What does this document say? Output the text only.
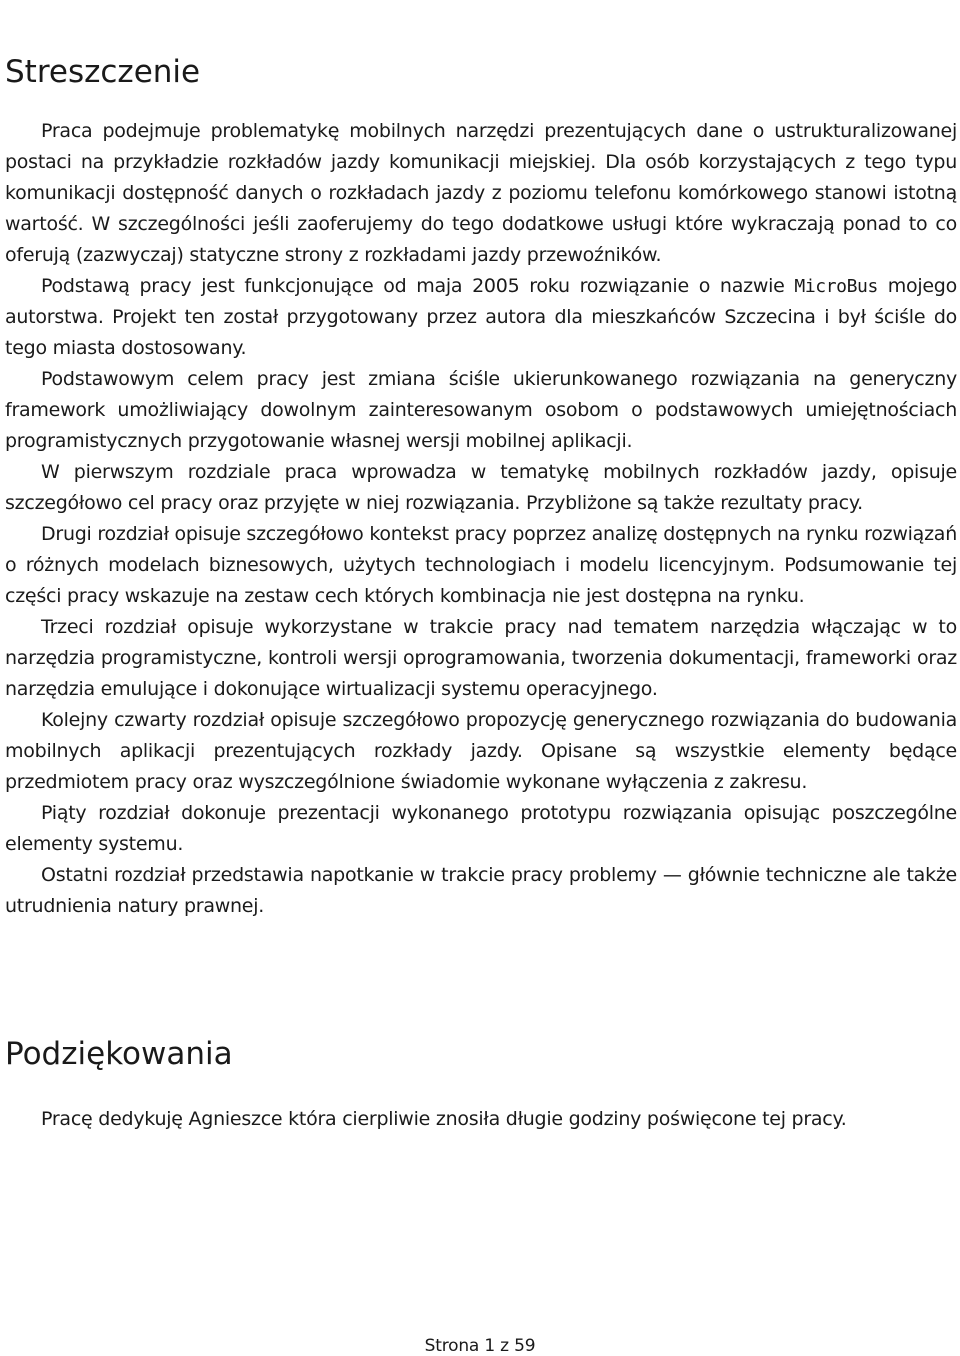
Streszczenie

Praca podejmuje problematykę mobilnych narzędzi prezentujących dane o ustrukturalizowanej postaci na przykładzie rozkładów jazdy komunikacji miejskiej. Dla osób korzystających z tego typu komunikacji dostępność danych o rozkładach jazdy z poziomu telefonu komórkowego stanowi istotną wartość. W szczególności jeśli zaoferujemy do tego dodatkowe usługi które wykraczają ponad to co oferują (zazwyczaj) statyczne strony z rozkładami jazdy przewoźników.

Podstawą pracy jest funkcjonujące od maja 2005 roku rozwiązanie o nazwie MicroBus mojego autorstwa. Projekt ten został przygotowany przez autora dla mieszkańców Szczecina i był ściśle do tego miasta dostosowany.

Podstawowym celem pracy jest zmiana ściśle ukierunkowanego rozwiązania na generyczny framework umożliwiający dowolnym zainteresowanym osobom o podstawowych umiejętnościach programistycznych przygotowanie własnej wersji mobilnej aplikacji.

W pierwszym rozdziale praca wprowadza w tematykę mobilnych rozkładów jazdy, opisuje szczegółowo cel pracy oraz przyjęte w niej rozwiązania. Przybliżone są także rezultaty pracy.

Drugi rozdział opisuje szczegółowo kontekst pracy poprzez analizę dostępnych na rynku rozwiązań o różnych modelach biznesowych, użytych technologiach i modelu licencyjnym. Podsumowanie tej części pracy wskazuje na zestaw cech których kombinacja nie jest dostępna na rynku.

Trzeci rozdział opisuje wykorzystane w trakcie pracy nad tematem narzędzia włączając w to narzędzia programistyczne, kontroli wersji oprogramowania, tworzenia dokumentacji, frameworki oraz narzędzia emulujące i dokonujące wirtualizacji systemu operacyjnego.

Kolejny czwarty rozdział opisuje szczegółowo propozycję generycznego rozwiązania do budowania mobilnych aplikacji prezentujących rozkłady jazdy. Opisane są wszystkie elementy będące przedmiotem pracy oraz wyszczególnione świadomie wykonane wyłączenia z zakresu.

Piąty rozdział dokonuje prezentacji wykonanego prototypu rozwiązania opisując poszczególne elementy systemu.

Ostatni rozdział przedstawia napotkanie w trakcie pracy problemy — głównie techniczne ale także utrudnienia natury prawnej.

Podziękowania

Pracę dedykuję Agnieszce która cierpliwie znosiła długie godziny poświęcone tej pracy.

Strona 1 z 59
